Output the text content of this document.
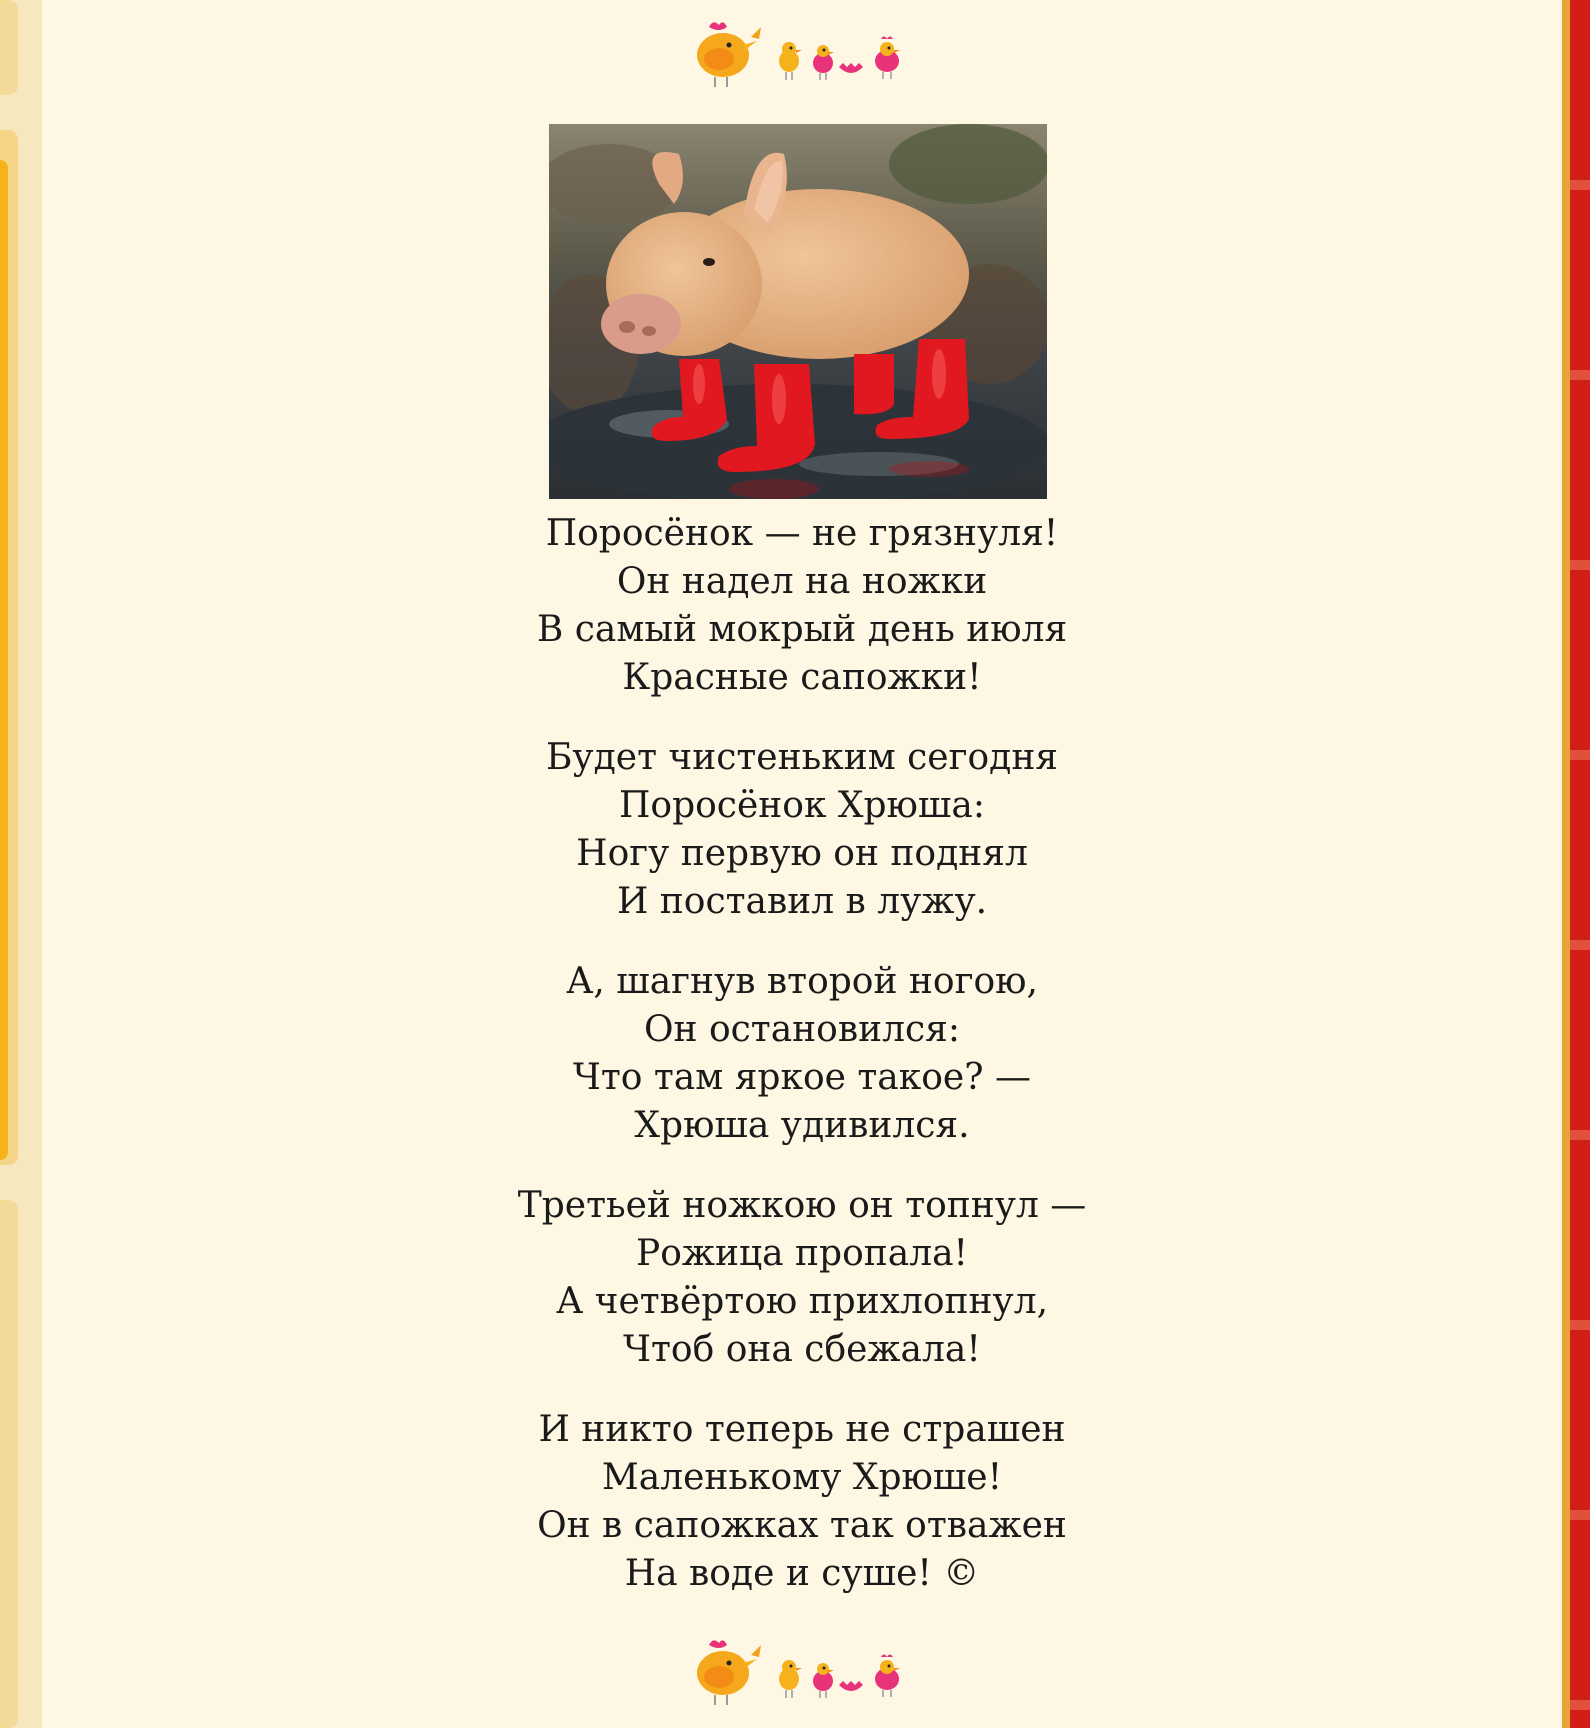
Поросёнок — не грязнуля!
Он надел на ножки
В самый мокрый день июля
Красные сапожки!
Будет чистеньким сегодня
Поросёнок Хрюша:
Ногу первую он поднял
И поставил в лужу.
А, шагнув второй ногою,
Он остановился:
Что там яркое такое? —
Хрюша удивился.
Третьей ножкою он топнул —
Рожица пропала!
А четвёртою прихлопнул,
Чтоб она сбежала!
И никто теперь не страшен
Маленькому Хрюше!
Он в сапожках так отважен
На воде и суше! ©
